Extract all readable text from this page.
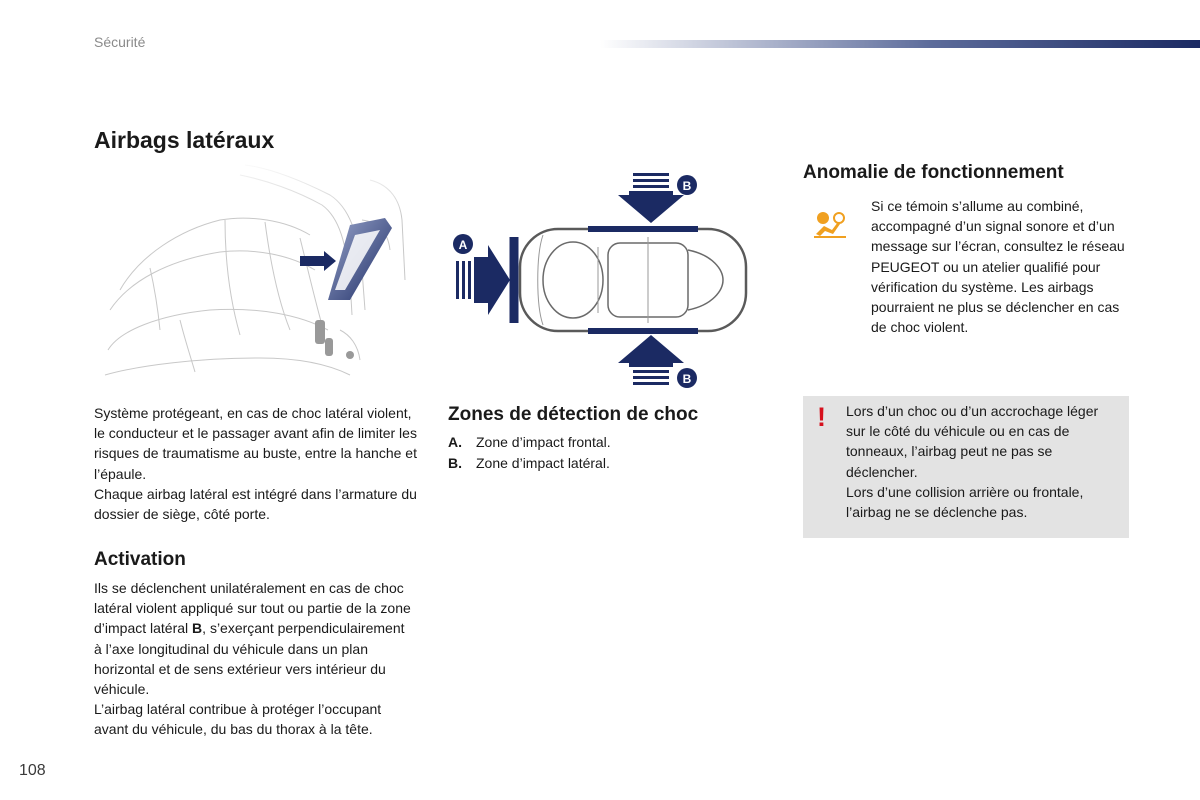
Sécurité
Airbags latéraux
A
B
B

Système protégeant, en cas de choc latéral violent, le conducteur et le passager avant afin de limiter les risques de traumatisme au buste, entre la hanche et l’épaule.

Chaque airbag latéral est intégré dans l’armature du dossier de siège, côté porte.

Activation

Ils se déclenchent unilatéralement en cas de choc latéral violent appliqué sur tout ou partie de la zone d’impact latéral B, s’exerçant perpendiculairement à l’axe longitudinal du véhicule dans un plan horizontal et de sens extérieur vers intérieur du véhicule.

L’airbag latéral contribue à protéger l’occupant avant du véhicule, du bas du thorax à la tête.

Zones de détection de choc
A.	Zone d’impact frontal.
B.	Zone d’impact latéral.
Anomalie de fonctionnement
Si ce témoin s’allume au combiné, accompagné d’un signal sonore et d’un message sur l’écran, consultez le réseau PEUGEOT ou un atelier qualifié pour vérification du système. Les airbags pourraient ne plus se déclencher en cas de choc violent.
! Lors d’un choc ou d’un accrochage léger sur le côté du véhicule ou en cas de tonneaux, l’airbag peut ne pas se déclencher.

Lors d’une collision arrière ou frontale, l’airbag ne se déclenche pas.

108
